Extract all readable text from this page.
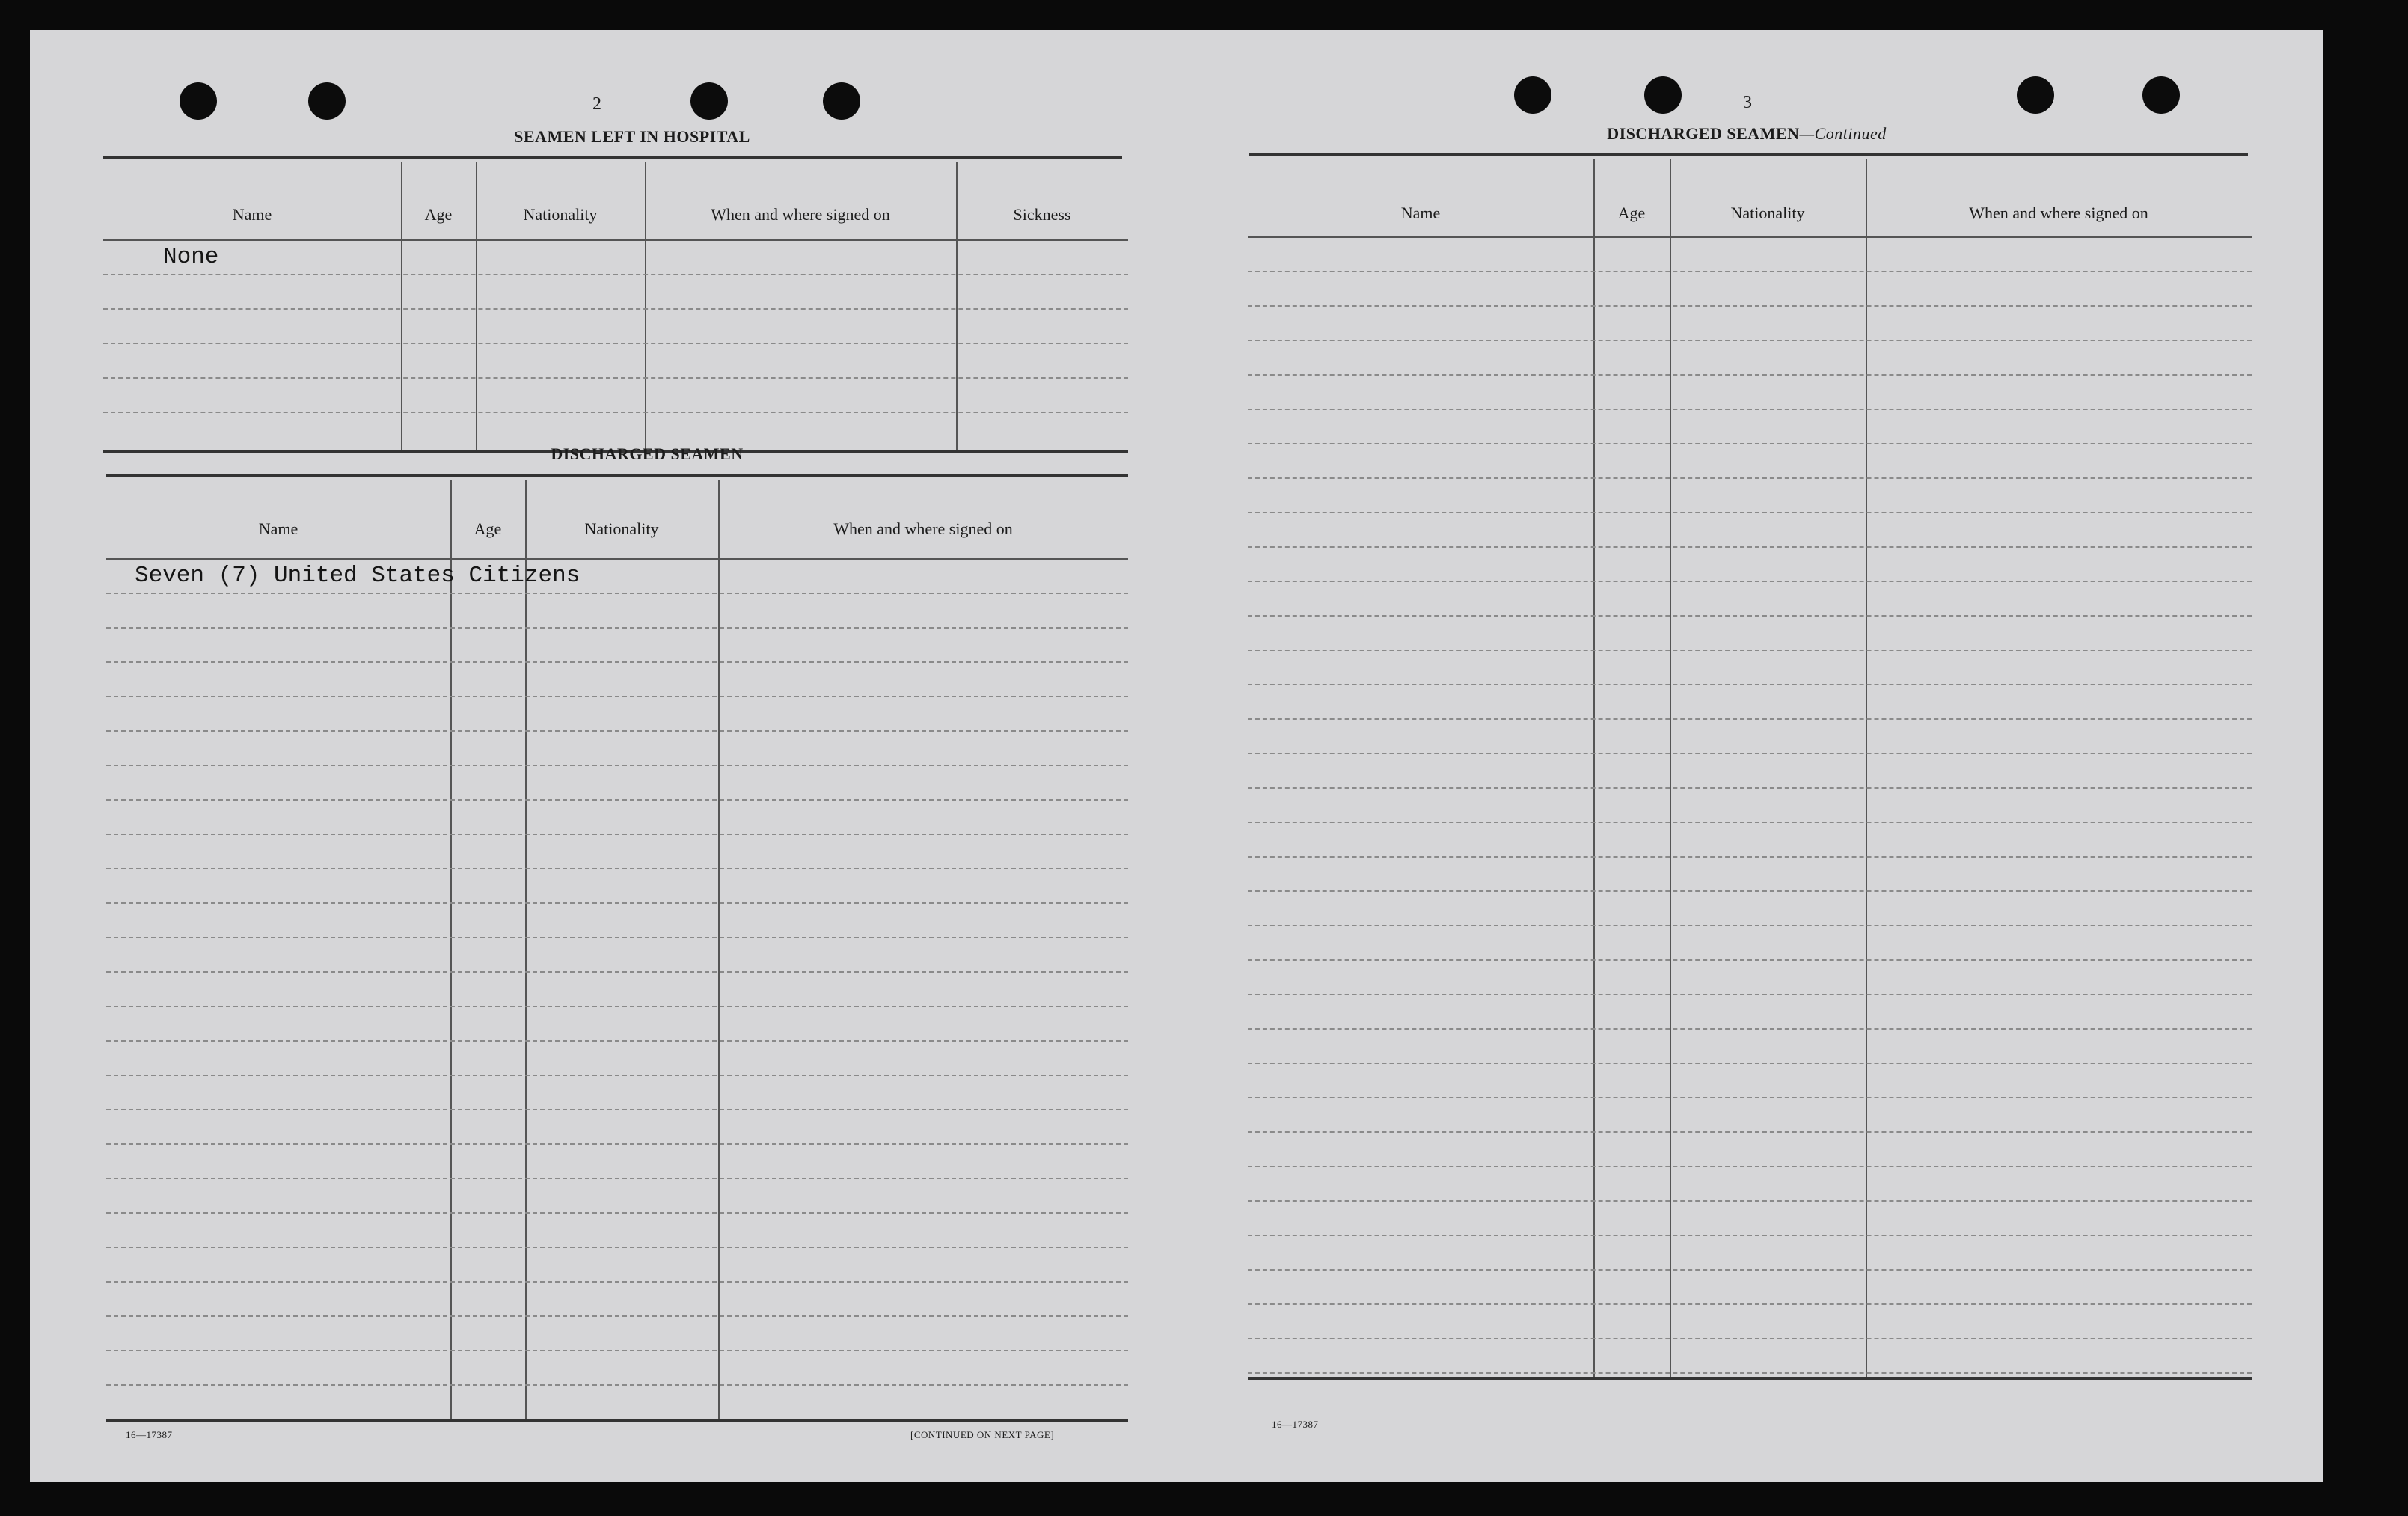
2
SEAMEN LEFT IN HOSPITAL
Name	Age	Nationality	When and where signed on	Sickness
None
DISCHARGED SEAMEN
Name	Age	Nationality	When and where signed on
Seven (7) United States Citizens
16—17387	[CONTINUED ON NEXT PAGE]
3
DISCHARGED SEAMEN—Continued
Name	Age	Nationality	When and where signed on
16—17387
